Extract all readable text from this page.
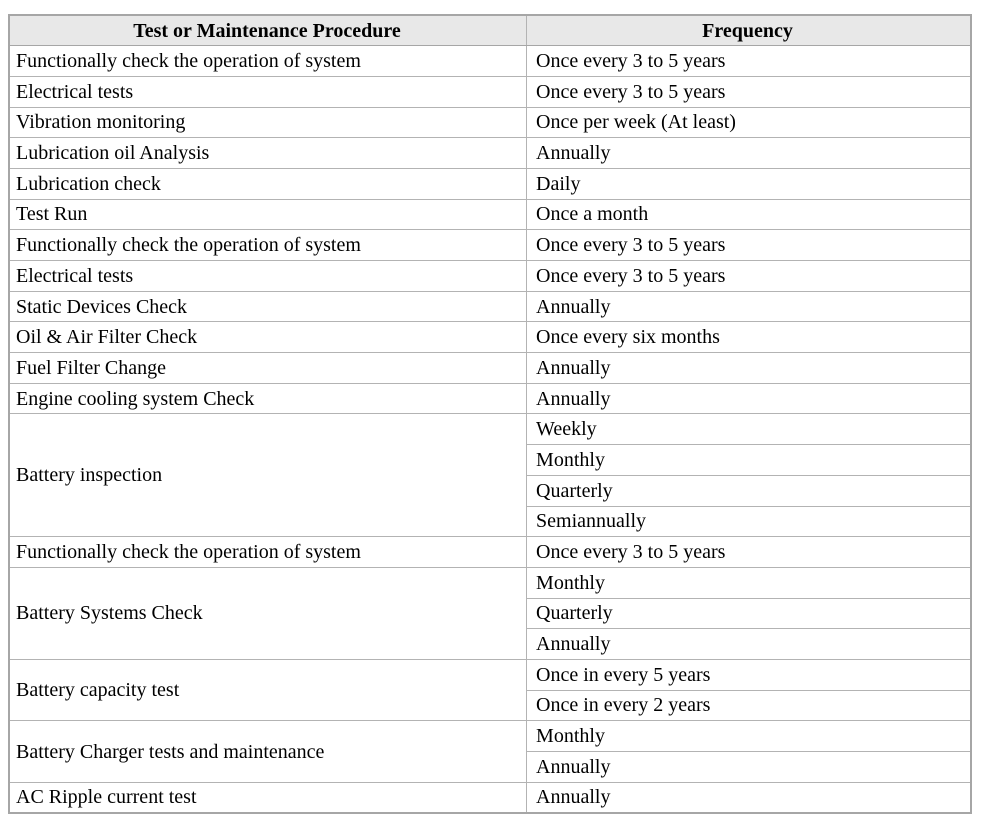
Test or Maintenance Procedure	Frequency
Functionally check the operation of system	Once every 3 to 5 years
Electrical tests	Once every 3 to 5 years
Vibration monitoring	Once per week (At least)
Lubrication oil Analysis	Annually
Lubrication check	Daily
Test Run	Once a month
Functionally check the operation of system	Once every 3 to 5 years
Electrical tests	Once every 3 to 5 years
Static Devices Check	Annually
Oil & Air Filter Check	Once every six months
Fuel Filter Change	Annually
Engine cooling system Check	Annually
Battery inspection	Weekly
	Monthly
	Quarterly
	Semiannually
Functionally check the operation of system	Once every 3 to 5 years
Battery Systems Check	Monthly
	Quarterly
	Annually
Battery capacity test	Once in every 5 years
	Once in every 2 years
Battery Charger tests and maintenance	Monthly
	Annually
AC Ripple current test	Annually
